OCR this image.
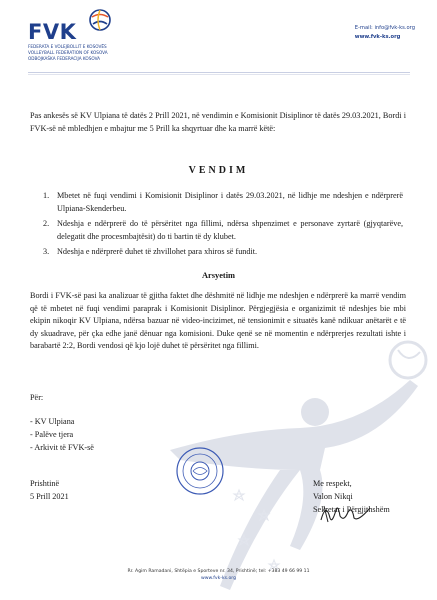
FVK
FEDERATA E VOLEJBOLLIT E KOSOVËS
VOLLEYBALL FEDERATION OF KOSOVA
ODBOJKAŠKA FEDERACIJA KOSOVA
E-mail: info@fvk-ks.org
www.fvk-ks.org
Pas ankesës së KV Ulpiana të datës 2 Prill 2021, në vendimin e Komisionit Disiplinor të datës 29.03.2021, Bordi i FVK-së në mbledhjen e mbajtur me 5 Prill ka shqyrtuar dhe ka marrë këtë:
VENDIM
1. Mbetet në fuqi vendimi i Komisionit Disiplinor i datës 29.03.2021, në lidhje me ndeshjen e ndërprerë Ulpiana-Skenderbeu.
2. Ndeshja e ndërprerë do të përsëritet nga fillimi, ndërsa shpenzimet e personave zyrtarë (gjyqtarëve, delegatit dhe procesmbajtësit) do ti bartin të dy klubet.
3. Ndeshja e ndërprerë duhet të zhvillohet para xhiros së fundit.
Arsyetim
Bordi i FVK-së pasi ka analizuar të gjitha faktet dhe dëshmitë në lidhje me ndeshjen e ndërprerë ka marrë vendim që të mbetet në fuqi vendimi paraprak i Komisionit Disiplinor. Përgjegjësia e organizimit të ndeshjes bie mbi ekipin nikoqir KV Ulpiana, ndërsa bazuar në video-incizimet, në tensionimit e situatës kanë ndikuar anëtarët e të dy skuadrave, për çka edhe janë dënuar nga komisioni. Duke qenë se në momentin e ndërprerjes rezultati ishte i barabartë 2:2, Bordi vendosi që kjo lojë duhet të përsëritet nga fillimi.
Për:
- KV Ulpiana
- Palëve tjera
- Arkivit të FVK-së
Prishtinë
5 Prill 2021
Me respekt,
Valon Nikqi
Sekretar i Përgjithshëm
Rr. Agim Ramadani, Shtëpia e Sporteve nr. 34, Prishtinë; tel: +383 49 66 99 11
www.fvk-ks.org
